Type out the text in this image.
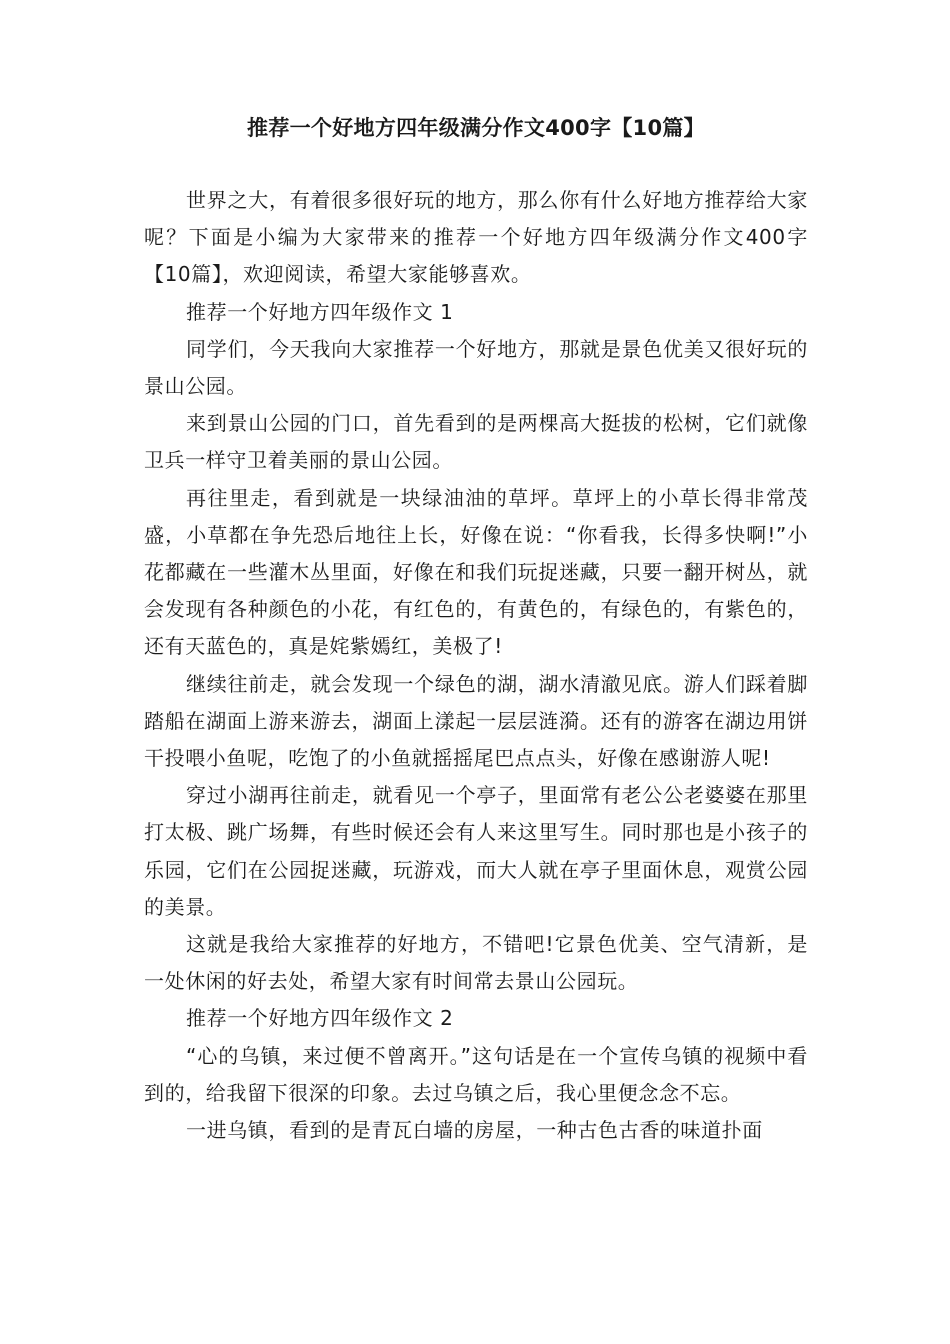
推荐一个好地方四年级满分作文400字【10篇】

世界之大，有着很多很好玩的地方，那么你有什么好地方推荐给大家呢？下面是小编为大家带来的推荐一个好地方四年级满分作文400字【10篇】，欢迎阅读，希望大家能够喜欢。

推荐一个好地方四年级作文 1

同学们，今天我向大家推荐一个好地方，那就是景色优美又很好玩的景山公园。

来到景山公园的门口，首先看到的是两棵高大挺拔的松树，它们就像卫兵一样守卫着美丽的景山公园。

再往里走，看到就是一块绿油油的草坪。草坪上的小草长得非常茂盛，小草都在争先恐后地往上长，好像在说：“你看我，长得多快啊!”小花都藏在一些灌木丛里面，好像在和我们玩捉迷藏，只要一翻开树丛，就会发现有各种颜色的小花，有红色的，有黄色的，有绿色的，有紫色的，还有天蓝色的，真是姹紫嫣红，美极了!

继续往前走，就会发现一个绿色的湖，湖水清澈见底。游人们踩着脚踏船在湖面上游来游去，湖面上漾起一层层涟漪。还有的游客在湖边用饼干投喂小鱼呢，吃饱了的小鱼就摇摇尾巴点点头，好像在感谢游人呢!

穿过小湖再往前走，就看见一个亭子，里面常有老公公老婆婆在那里打太极、跳广场舞，有些时候还会有人来这里写生。同时那也是小孩子的乐园，它们在公园捉迷藏，玩游戏，而大人就在亭子里面休息，观赏公园的美景。

这就是我给大家推荐的好地方，不错吧!它景色优美、空气清新，是一处休闲的好去处，希望大家有时间常去景山公园玩。

推荐一个好地方四年级作文 2

“心的乌镇，来过便不曾离开。”这句话是在一个宣传乌镇的视频中看到的，给我留下很深的印象。去过乌镇之后，我心里便念念不忘。

一进乌镇，看到的是青瓦白墙的房屋，一种古色古香的味道扑面
